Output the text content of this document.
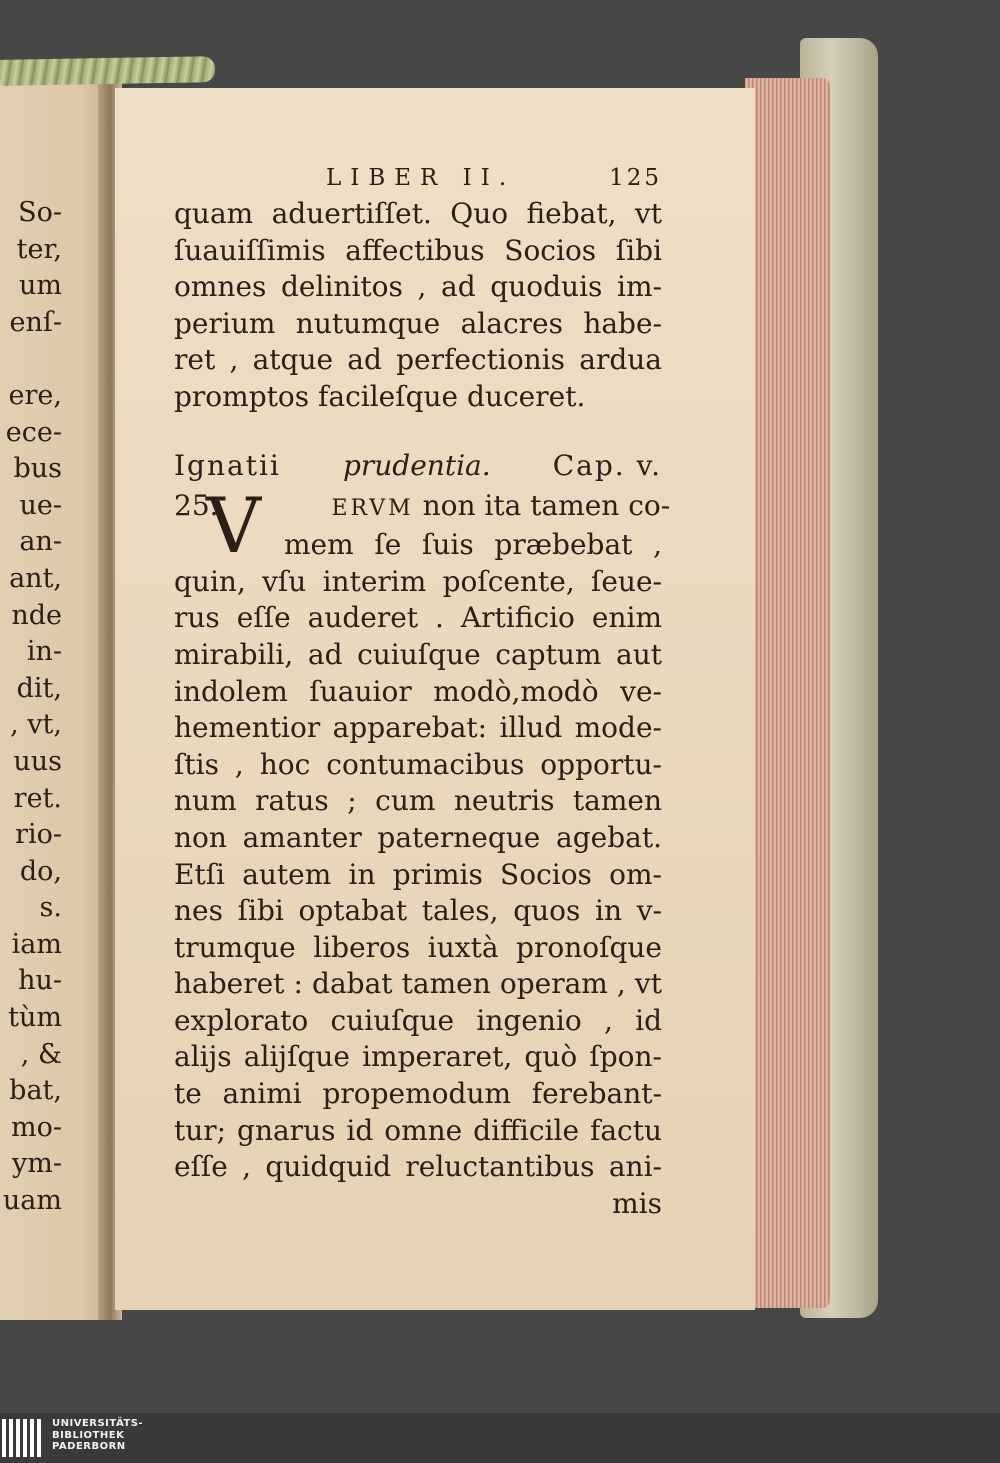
So-
ter,
um
enſ-

ere,
ece-
bus
ue-
an-
ant,
nde
in-
dit,
, vt,
uus
ret.
rio-
do,
s.
iam
hu-
tùm
, &
bat,
mo-
ym-
uam
LIBER II.	125
quam aduertiſſet. Quo fiebat, vt
ſuauiſſimis affectibus Socios ſibi
omnes delinitos , ad quoduis im-
perium nutumque alacres habe-
ret , atque ad perfectionis ardua
promptos facileſque duceret.
Ignatii prudentia. Cap. v.
25.	ERVM non ita tamen co-
V mem ſe ſuis præbebat ,
quin, vſu interim poſcente, ſeue-
rus eſſe auderet . Artificio enim
mirabili, ad cuiuſque captum aut
indolem ſuauior modò,modò ve-
hementior apparebat: illud mode-
ſtis , hoc contumacibus opportu-
num ratus ; cum neutris tamen
non amanter paterneque agebat.
Etſi autem in primis Socios om-
nes ſibi optabat tales, quos in v-
trumque liberos iuxtà pronoſque
haberet : dabat tamen operam , vt
explorato cuiuſque ingenio , id
alijs alijſque imperaret, quò ſpon-
te animi propemodum ferebant-
tur; gnarus id omne difficile factu
eſſe , quidquid reluctantibus ani-
mis
UNIVERSITÄTS-
BIBLIOTHEK
PADERBORN
